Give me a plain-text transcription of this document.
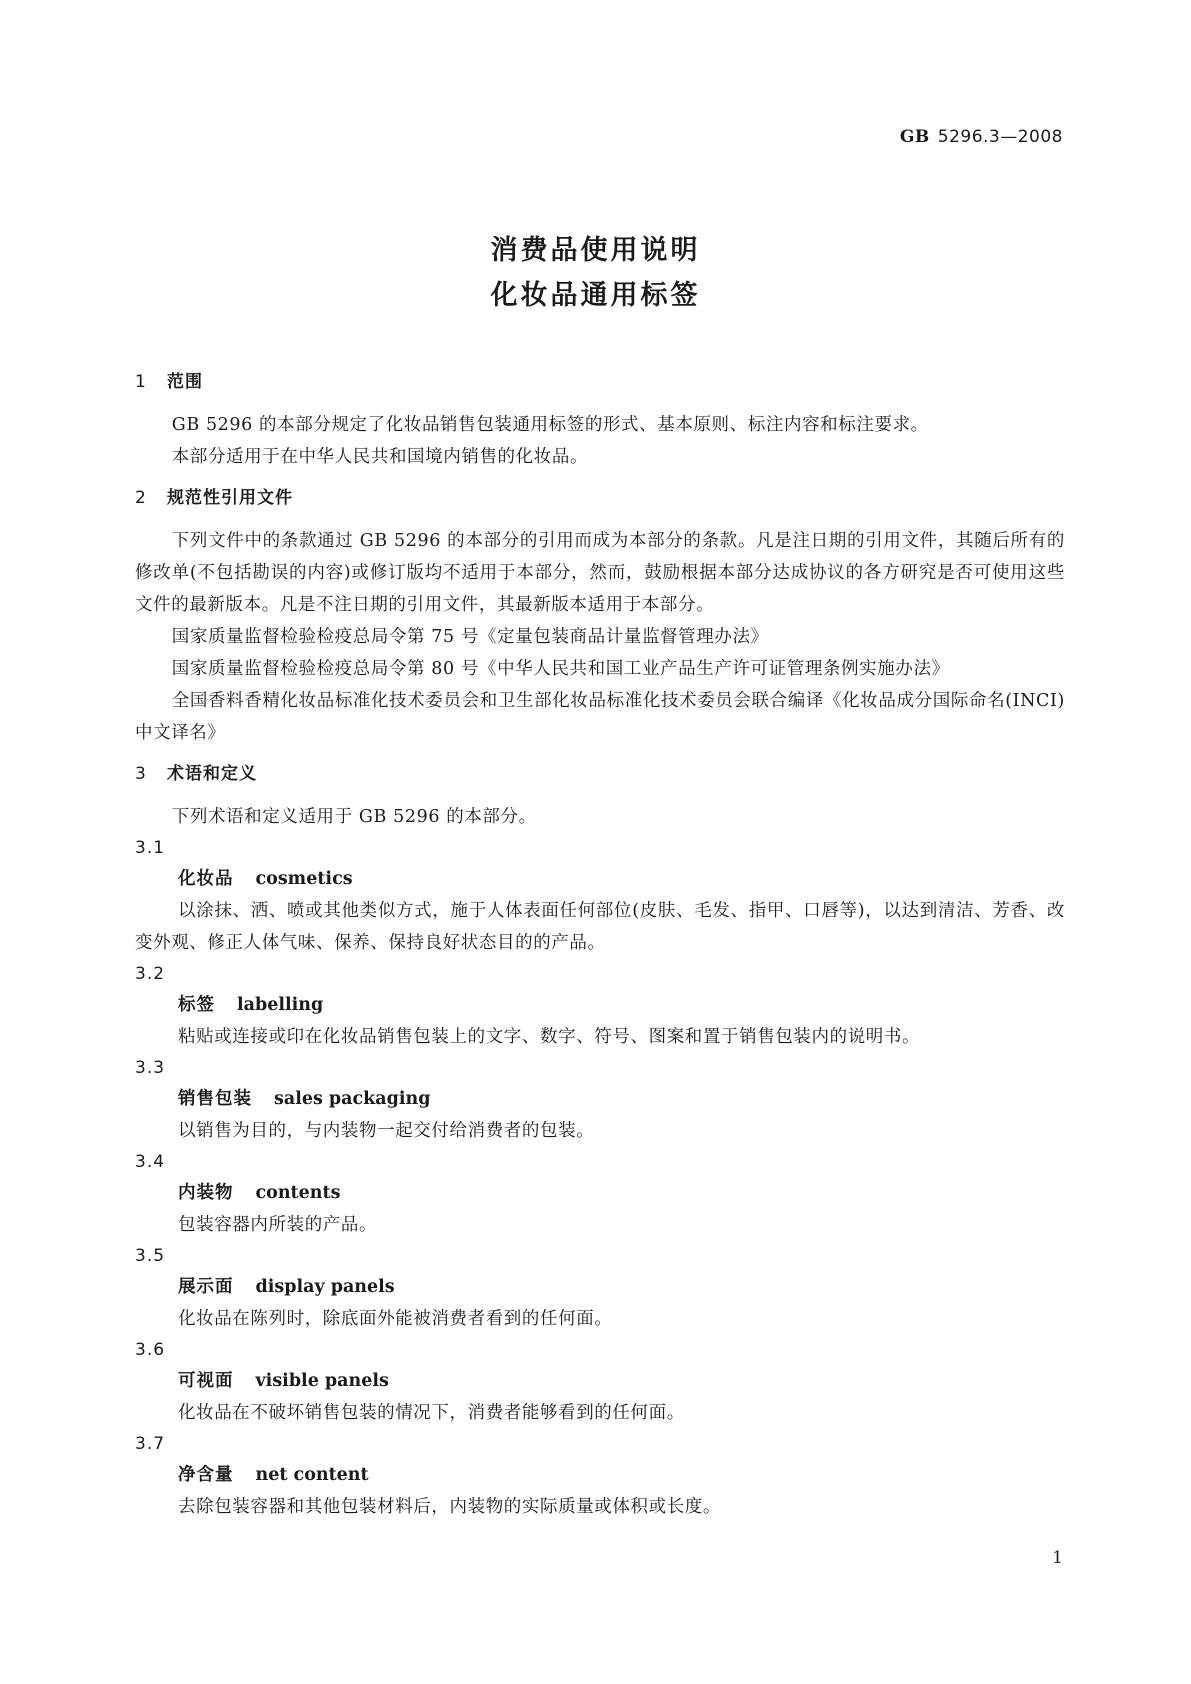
GB 5296.3—2008
消费品使用说明
化妆品通用标签
1 范围
GB 5296 的本部分规定了化妆品销售包装通用标签的形式、基本原则、标注内容和标注要求。
本部分适用于在中华人民共和国境内销售的化妆品。
2 规范性引用文件
下列文件中的条款通过 GB 5296 的本部分的引用而成为本部分的条款。凡是注日期的引用文件，其随后所有的修改单(不包括勘误的内容)或修订版均不适用于本部分，然而，鼓励根据本部分达成协议的各方研究是否可使用这些文件的最新版本。凡是不注日期的引用文件，其最新版本适用于本部分。
国家质量监督检验检疫总局令第 75 号《定量包装商品计量监督管理办法》
国家质量监督检验检疫总局令第 80 号《中华人民共和国工业产品生产许可证管理条例实施办法》
全国香料香精化妆品标准化技术委员会和卫生部化妆品标准化技术委员会联合编译《化妆品成分国际命名(INCI)中文译名》
3 术语和定义
下列术语和定义适用于 GB 5296 的本部分。
3.1
化妆品 cosmetics
以涂抹、洒、喷或其他类似方式，施于人体表面任何部位(皮肤、毛发、指甲、口唇等)，以达到清洁、芳香、改变外观、修正人体气味、保养、保持良好状态目的的产品。
3.2
标签 labelling
粘贴或连接或印在化妆品销售包装上的文字、数字、符号、图案和置于销售包装内的说明书。
3.3
销售包装 sales packaging
以销售为目的，与内装物一起交付给消费者的包装。
3.4
内装物 contents
包装容器内所装的产品。
3.5
展示面 display panels
化妆品在陈列时，除底面外能被消费者看到的任何面。
3.6
可视面 visible panels
化妆品在不破坏销售包装的情况下，消费者能够看到的任何面。
3.7
净含量 net content
去除包装容器和其他包装材料后，内装物的实际质量或体积或长度。
1
